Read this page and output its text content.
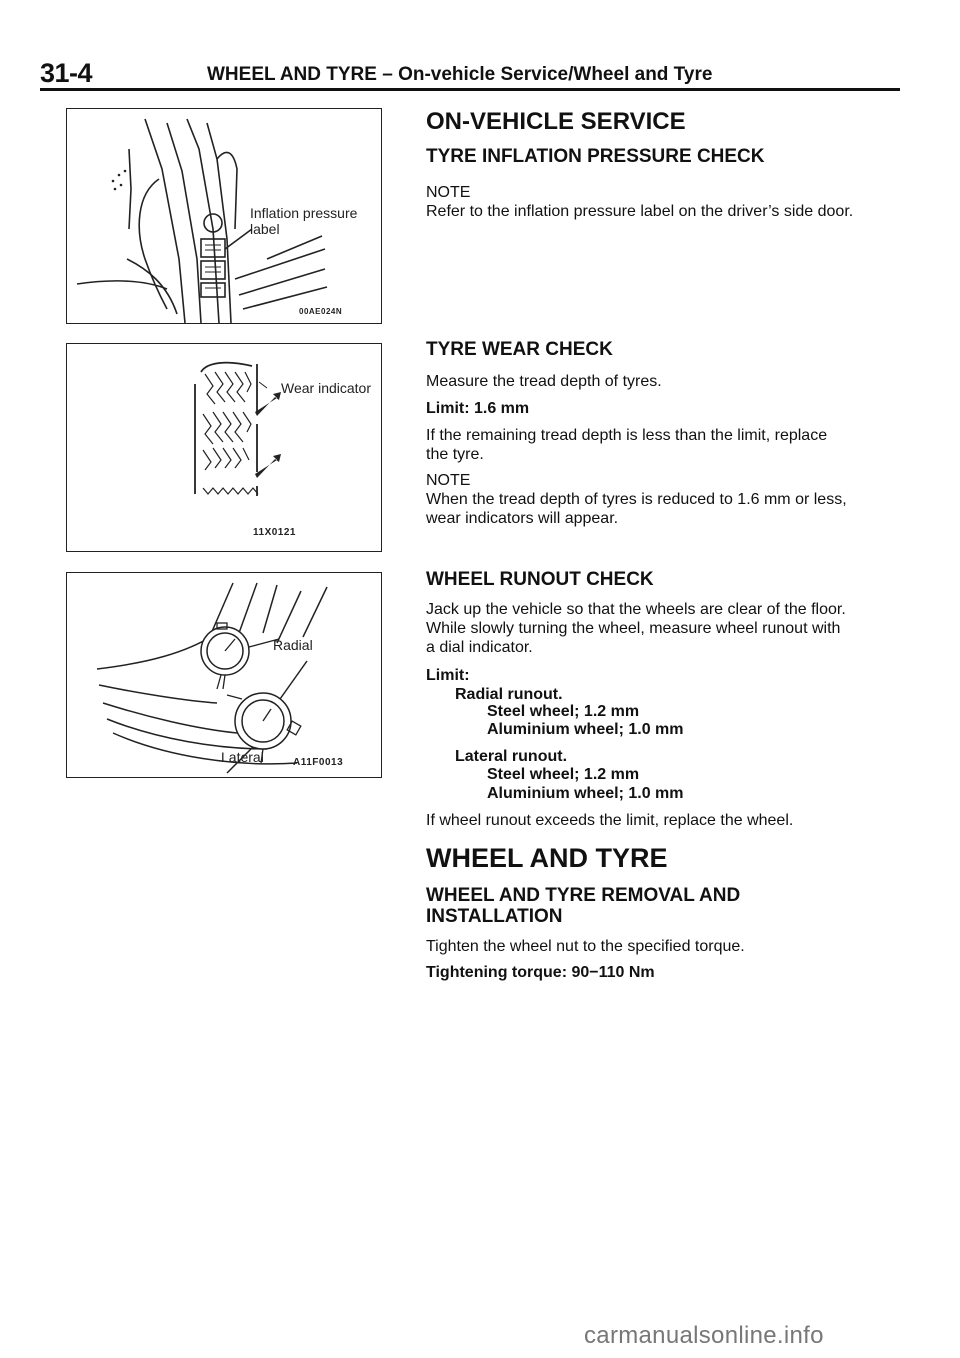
31-4	WHEEL AND TYRE – On-vehicle Service/Wheel and Tyre
Inflation pressure
label
00AE024N
Wear indicator
11X0121
Radial
Lateral	A11F0013
ON-VEHICLE SERVICE
TYRE INFLATION PRESSURE CHECK
NOTE
Refer to the inflation pressure label on the driver’s side door.
TYRE WEAR CHECK
Measure the tread depth of tyres.
Limit: 1.6 mm
If the remaining tread depth is less than the limit, replace
the tyre.
NOTE
When the tread depth of tyres is reduced to 1.6 mm or less,
wear indicators will appear.
WHEEL RUNOUT CHECK
Jack up the vehicle so that the wheels are clear of the floor.
While slowly turning the wheel, measure wheel runout with
a dial indicator.
Limit:
Radial runout.
Steel wheel; 1.2 mm
Aluminium wheel; 1.0 mm
Lateral runout.
Steel wheel; 1.2 mm
Aluminium wheel; 1.0 mm
If wheel runout exceeds the limit, replace the wheel.
WHEEL AND TYRE
WHEEL AND TYRE REMOVAL AND
INSTALLATION
Tighten the wheel nut to the specified torque.
Tightening torque: 90−110 Nm
carmanualsonline.info
